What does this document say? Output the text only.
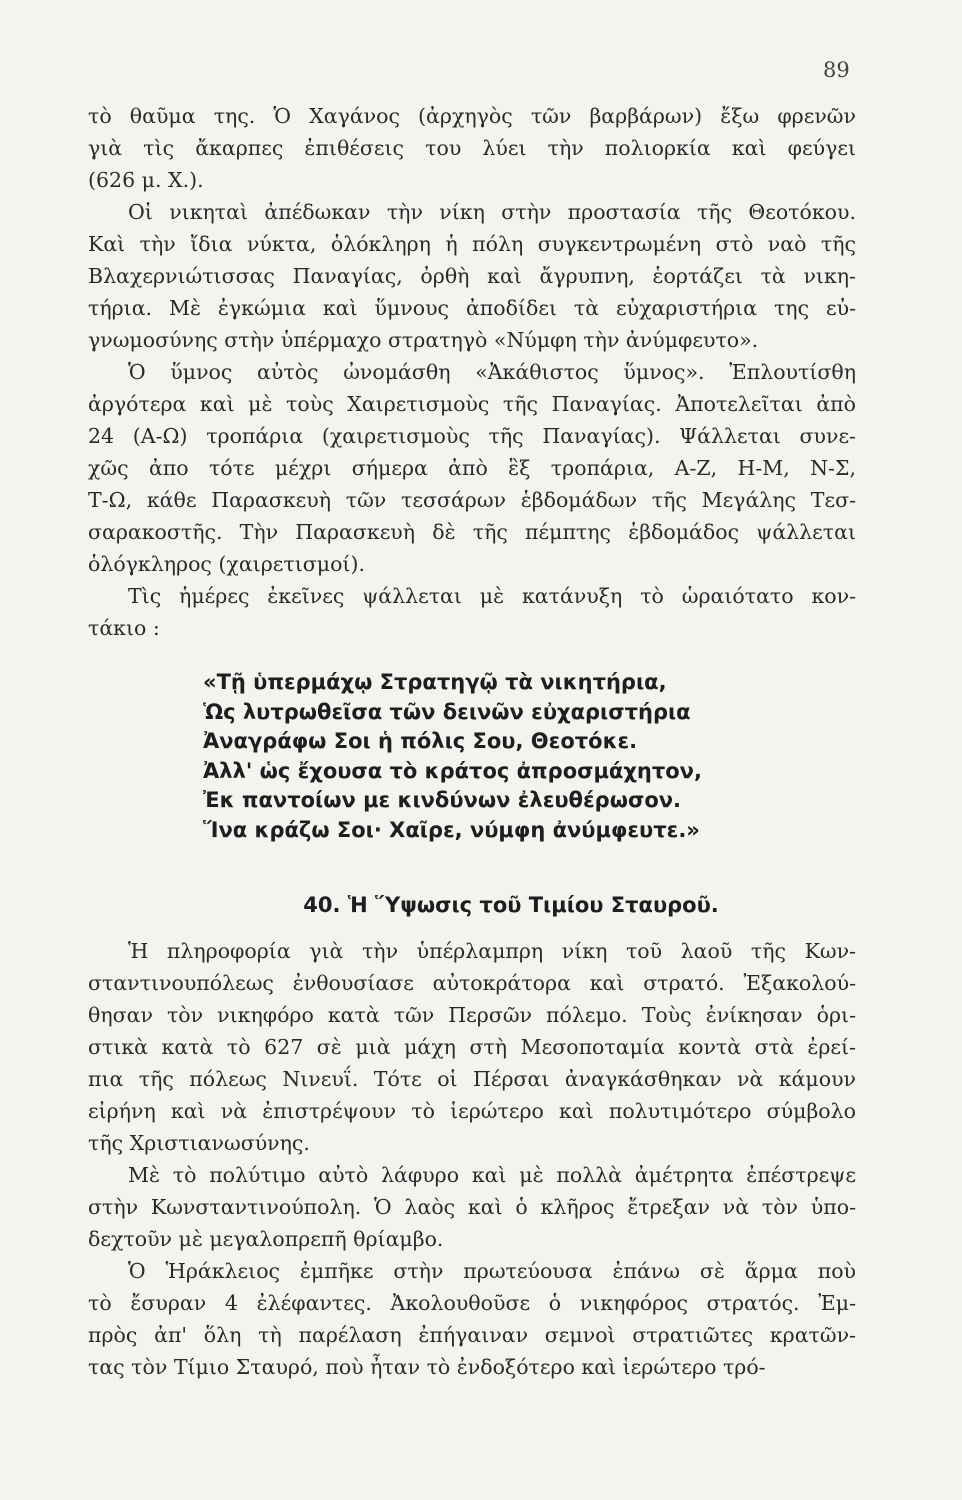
89
τὸ θαῦμα της. Ὁ Χαγάνος (ἀρχηγὸς τῶν βαρβάρων) ἔξω φρενῶν
γιὰ τὶς ἄκαρπες ἐπιθέσεις του λύει τὴν πολιορκία καὶ φεύγει
(626 μ. Χ.).
Οἱ νικηταὶ ἀπέδωκαν τὴν νίκη στὴν προστασία τῆς Θεοτόκου.
Καὶ τὴν ἴδια νύκτα, ὁλόκληρη ἡ πόλη συγκεντρωμένη στὸ ναὸ τῆς
Βλαχερνιώτισσας Παναγίας, ὀρθὴ καὶ ἄγρυπνη, ἑορτάζει τὰ νικη-
τήρια. Μὲ ἐγκώμια καὶ ὕμνους ἀποδίδει τὰ εὐχαριστήρια της εὐ-
γνωμοσύνης στὴν ὑπέρμαχο στρατηγὸ «Νύμφη τὴν ἀνύμφευτο».
Ὁ ὕμνος αὐτὸς ὠνομάσθη «Ἀκάθιστος ὕμνος». Ἐπλουτίσθη
ἀργότερα καὶ μὲ τοὺς Χαιρετισμοὺς τῆς Παναγίας. Ἀποτελεῖται ἀπὸ
24 (Α-Ω) τροπάρια (χαιρετισμοὺς τῆς Παναγίας). Ψάλλεται συνε-
χῶς ἀπο τότε μέχρι σήμερα ἀπὸ ἓξ τροπάρια, Α-Ζ, Η-Μ, Ν-Σ,
Τ-Ω, κάθε Παρασκευὴ τῶν τεσσάρων ἑβδομάδων τῆς Μεγάλης Τεσ-
σαρακοστῆς. Τὴν Παρασκευὴ δὲ τῆς πέμπτης ἑβδομάδος ψάλλεται
ὁλόγκληρος (χαιρετισμοί).
Τὶς ἡμέρες ἐκεῖνες ψάλλεται μὲ κατάνυξη τὸ ὡραιότατο κον-
τάκιο :
«Τῇ ὑπερμάχῳ Στρατηγῷ τὰ νικητήρια,
Ὡς λυτρωθεῖσα τῶν δεινῶν εὐχαριστήρια
Ἀναγράφω Σοι ἡ πόλις Σου, Θεοτόκε.
Ἀλλ' ὡς ἔχουσα τὸ κράτος ἀπροσμάχητον,
Ἐκ παντοίων με κινδύνων ἐλευθέρωσον.
Ἵνα κράζω Σοι· Χαῖρε, νύμφη ἀνύμφευτε.»
40. Ἡ Ὕψωσις τοῦ Τιμίου Σταυροῦ.
Ἡ πληροφορία γιὰ τὴν ὑπέρλαμπρη νίκη τοῦ λαοῦ τῆς Κων-
σταντινουπόλεως ἐνθουσίασε αὐτοκράτορα καὶ στρατό. Ἐξακολού-
θησαν τὸν νικηφόρο κατὰ τῶν Περσῶν πόλεμο. Τοὺς ἐνίκησαν ὁρι-
στικὰ κατὰ τὸ 627 σὲ μιὰ μάχη στὴ Μεσοποταμία κοντὰ στὰ ἐρεί-
πια τῆς πόλεως Νινευΐ. Τότε οἱ Πέρσαι ἀναγκάσθηκαν νὰ κάμουν
εἰρήνη καὶ νὰ ἐπιστρέψουν τὸ ἱερώτερο καὶ πολυτιμότερο σύμβολο
τῆς Χριστιανωσύνης.
Μὲ τὸ πολύτιμο αὐτὸ λάφυρο καὶ μὲ πολλὰ ἀμέτρητα ἐπέστρεψε
στὴν Κωνσταντινούπολη. Ὁ λαὸς καὶ ὁ κλῆρος ἔτρεξαν νὰ τὸν ὑπο-
δεχτοῦν μὲ μεγαλοπρεπῆ θρίαμβο.
Ὁ Ἡράκλειος ἐμπῆκε στὴν πρωτεύουσα ἐπάνω σὲ ἅρμα ποὺ
τὸ ἔσυραν 4 ἐλέφαντες. Ἀκολουθοῦσε ὁ νικηφόρος στρατός. Ἐμ-
πρὸς ἀπ' ὅλη τὴ παρέλαση ἐπήγαιναν σεμνοὶ στρατιῶτες κρατῶν-
τας τὸν Τίμιο Σταυρό, ποὺ ἦταν τὸ ἐνδοξότερο καὶ ἱερώτερο τρό-
